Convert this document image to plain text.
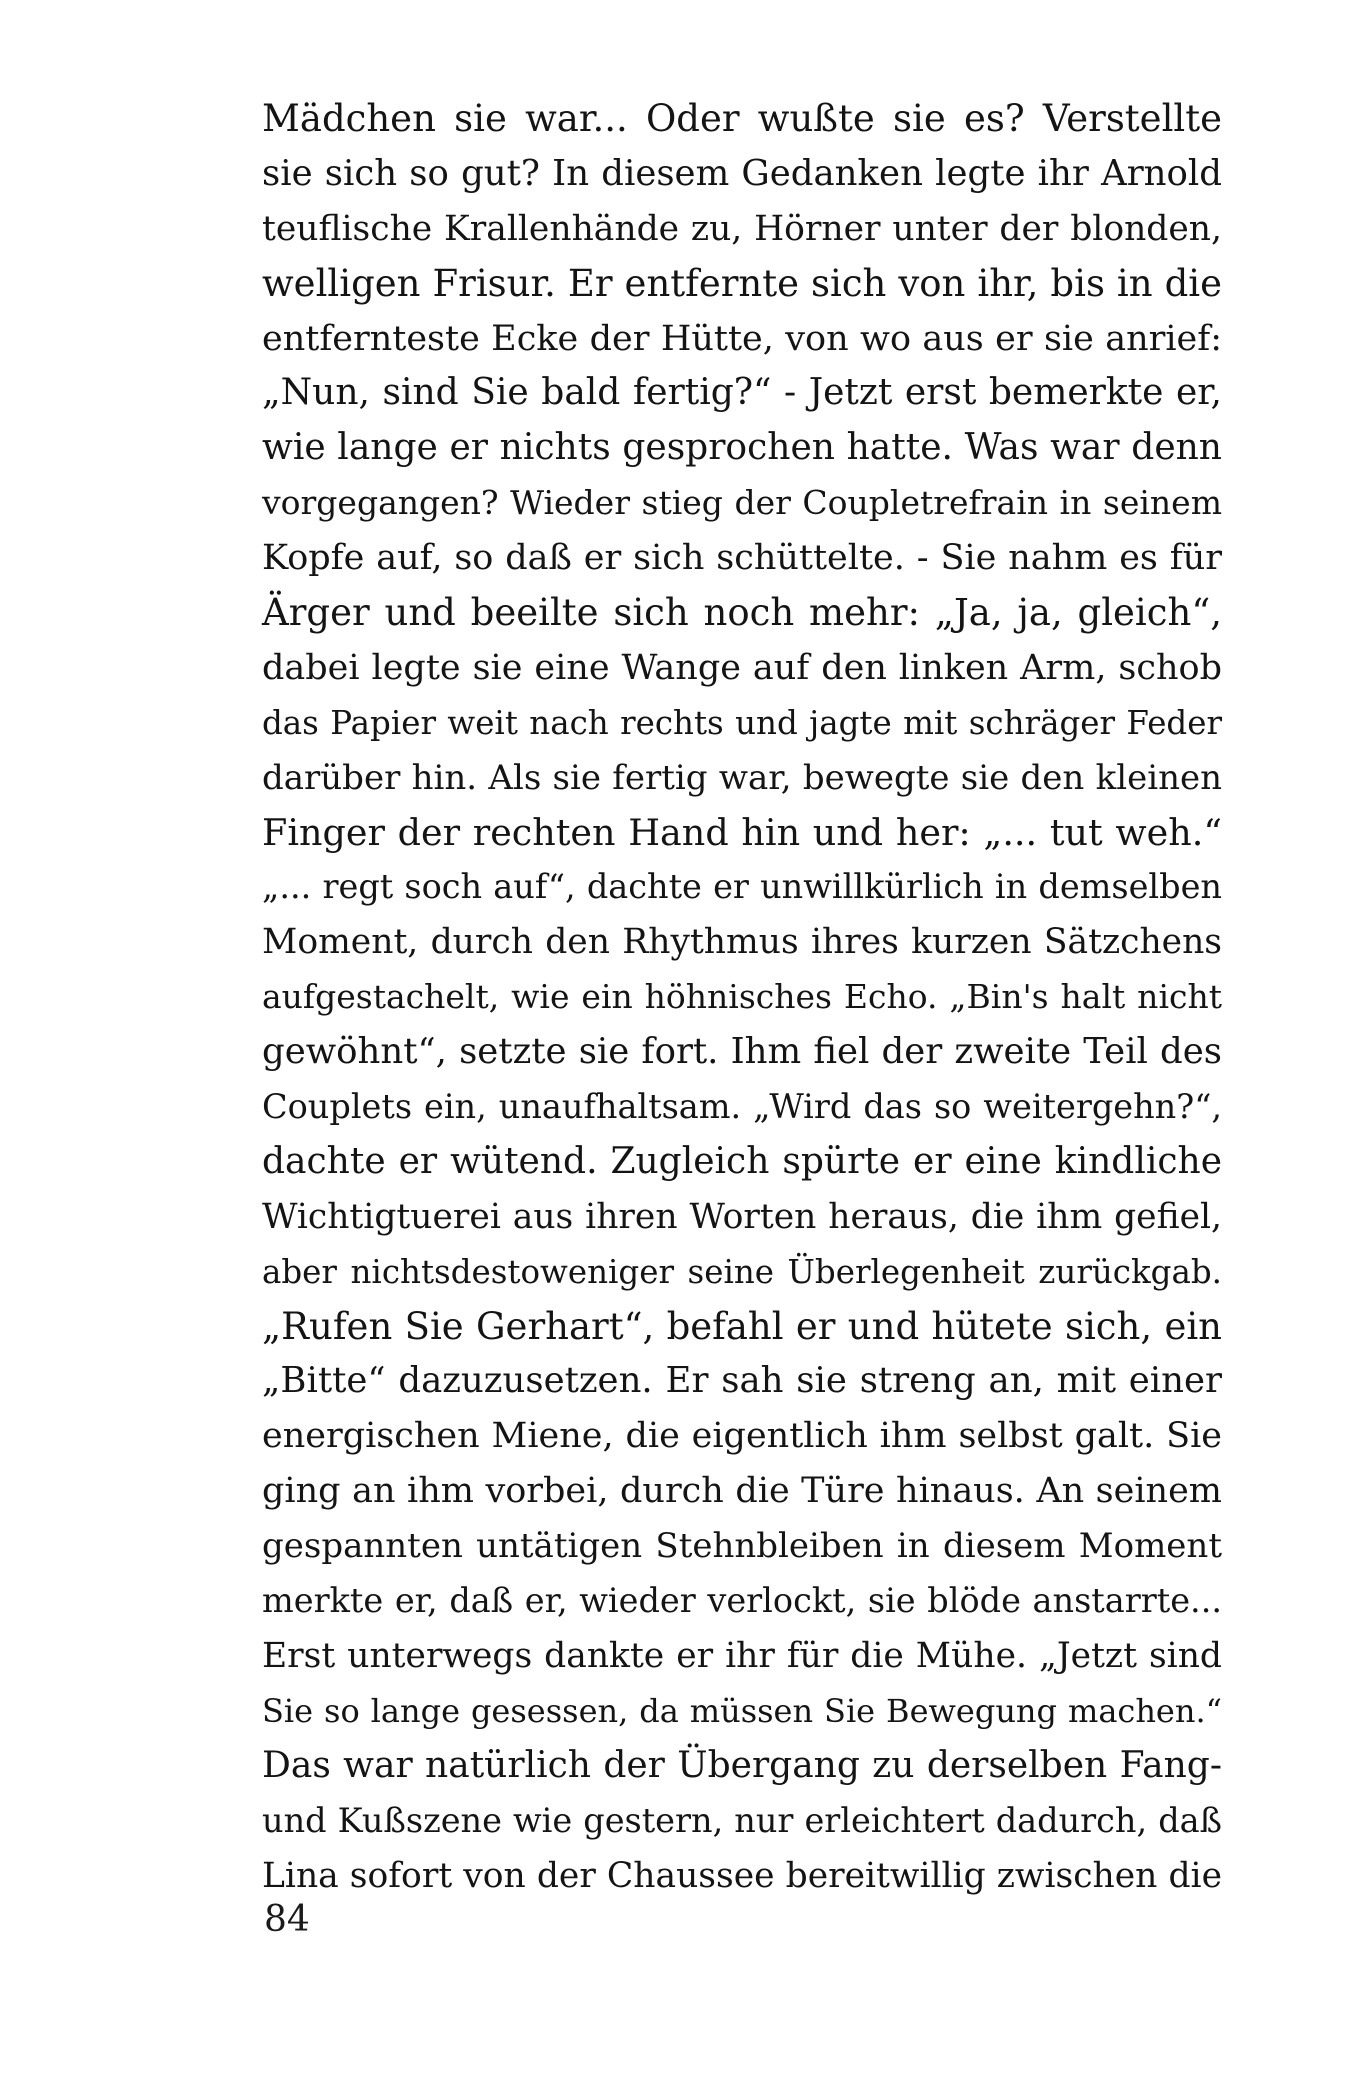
Mädchen sie war... Oder wußte sie es? Verstellte
sie sich so gut? In diesem Gedanken legte ihr Arnold
teuflische Krallenhände zu, Hörner unter der blonden,
welligen Frisur. Er entfernte sich von ihr, bis in die
entfernteste Ecke der Hütte, von wo aus er sie anrief:
„Nun, sind Sie bald fertig?“ - Jetzt erst bemerkte er,
wie lange er nichts gesprochen hatte. Was war denn
vorgegangen? Wieder stieg der Coupletrefrain in seinem
Kopfe auf, so daß er sich schüttelte. - Sie nahm es für
Ärger und beeilte sich noch mehr: „Ja, ja, gleich“,
dabei legte sie eine Wange auf den linken Arm, schob
das Papier weit nach rechts und jagte mit schräger Feder
darüber hin. Als sie fertig war, bewegte sie den kleinen
Finger der rechten Hand hin und her: „... tut weh.“
„... regt soch auf“, dachte er unwillkürlich in demselben
Moment, durch den Rhythmus ihres kurzen Sätzchens
aufgestachelt, wie ein höhnisches Echo. „Bin's halt nicht
gewöhnt“, setzte sie fort. Ihm fiel der zweite Teil des
Couplets ein, unaufhaltsam. „Wird das so weitergehn?“,
dachte er wütend. Zugleich spürte er eine kindliche
Wichtigtuerei aus ihren Worten heraus, die ihm gefiel,
aber nichtsdestoweniger seine Überlegenheit zurückgab.
„Rufen Sie Gerhart“, befahl er und hütete sich, ein
„Bitte“ dazuzusetzen. Er sah sie streng an, mit einer
energischen Miene, die eigentlich ihm selbst galt. Sie
ging an ihm vorbei, durch die Türe hinaus. An seinem
gespannten untätigen Stehnbleiben in diesem Moment
merkte er, daß er, wieder verlockt, sie blöde anstarrte...
Erst unterwegs dankte er ihr für die Mühe. „Jetzt sind
Sie so lange gesessen, da müssen Sie Bewegung machen.“
Das war natürlich der Übergang zu derselben Fang-
und Kußszene wie gestern, nur erleichtert dadurch, daß
Lina sofort von der Chaussee bereitwillig zwischen die
84
